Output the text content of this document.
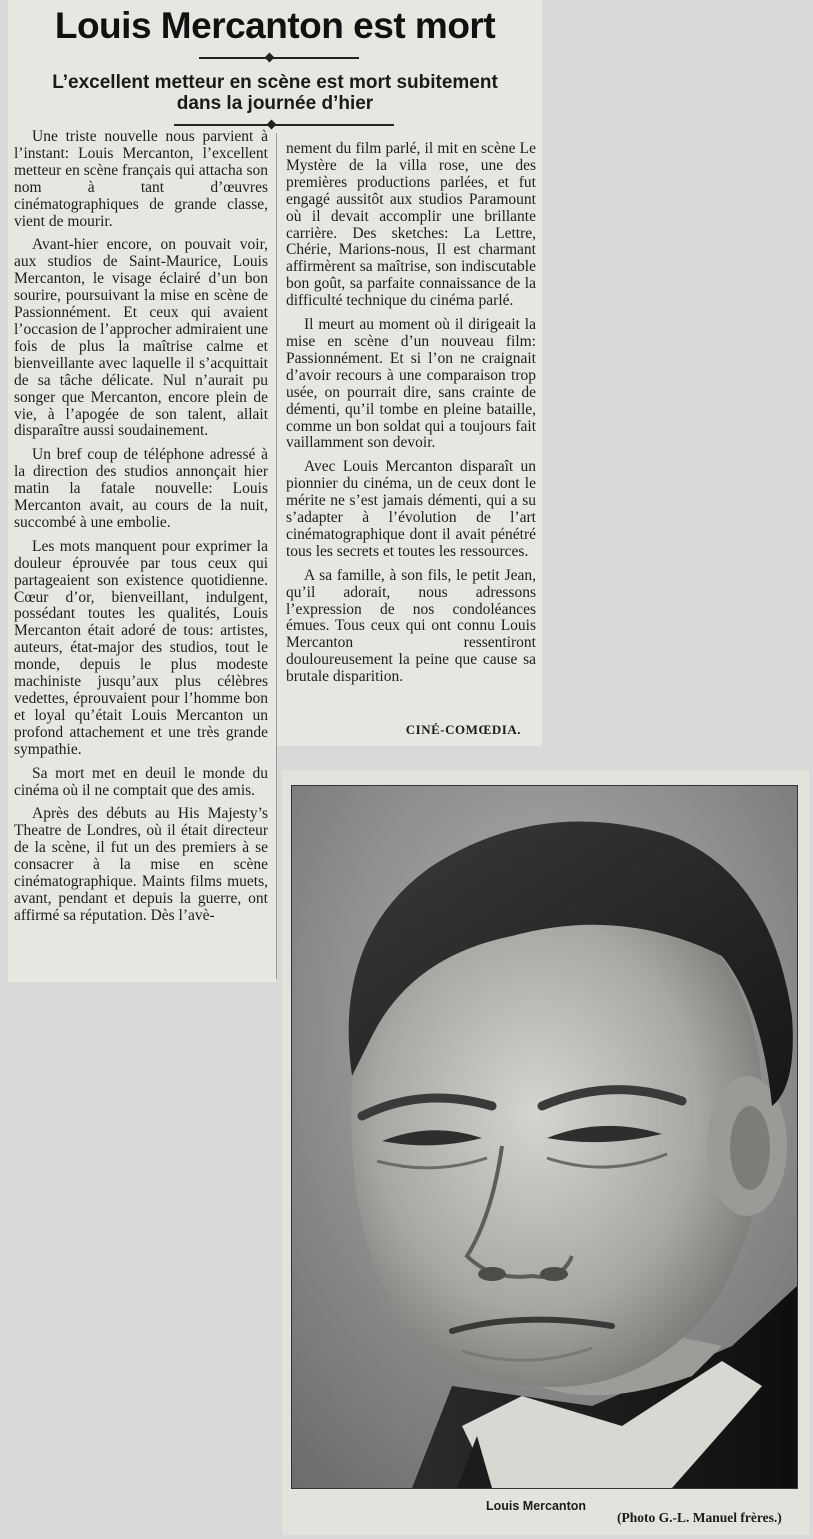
Louis Mercanton est mort
L’excellent metteur en scène est mort subitement
dans la journée d’hier

Une triste nouvelle nous parvient à l’instant: Louis Mercanton, l’excellent metteur en scène français qui attacha son nom à tant d’œuvres cinématographiques de grande classe, vient de mourir.

Avant-hier encore, on pouvait voir, aux studios de Saint-Maurice, Louis Mercanton, le visage éclairé d’un bon sourire, poursuivant la mise en scène de Passionnément. Et ceux qui avaient l’occasion de l’approcher admiraient une fois de plus la maîtrise calme et bienveillante avec laquelle il s’acquittait de sa tâche délicate. Nul n’aurait pu songer que Mercanton, encore plein de vie, à l’apogée de son talent, allait disparaître aussi soudainement.

Un bref coup de téléphone adressé à la direction des studios annonçait hier matin la fatale nouvelle: Louis Mercanton avait, au cours de la nuit, succombé à une embolie.

Les mots manquent pour exprimer la douleur éprouvée par tous ceux qui partageaient son existence quotidienne. Cœur d’or, bienveillant, indulgent, possédant toutes les qualités, Louis Mercanton était adoré de tous: artistes, auteurs, état-major des studios, tout le monde, depuis le plus modeste machiniste jusqu’aux plus célèbres vedettes, éprouvaient pour l’homme bon et loyal qu’était Louis Mercanton un profond attachement et une très grande sympathie.

Sa mort met en deuil le monde du cinéma où il ne comptait que des amis.

Après des débuts au His Majesty’s Theatre de Londres, où il était directeur de la scène, il fut un des premiers à se consacrer à la mise en scène cinématographique. Maints films muets, avant, pendant et depuis la guerre, ont affirmé sa réputation. Dès l’avè-

nement du film parlé, il mit en scène Le Mystère de la villa rose, une des premières productions parlées, et fut engagé aussitôt aux studios Paramount où il devait accomplir une brillante carrière. Des sketches: La Lettre, Chérie, Marions-nous, Il est charmant affirmèrent sa maîtrise, son indiscutable bon goût, sa parfaite connaissance de la difficulté technique du cinéma parlé.

Il meurt au moment où il dirigeait la mise en scène d’un nouveau film: Passionnément. Et si l’on ne craignait d’avoir recours à une comparaison trop usée, on pourrait dire, sans crainte de démenti, qu’il tombe en pleine bataille, comme un bon soldat qui a toujours fait vaillamment son devoir.

Avec Louis Mercanton disparaît un pionnier du cinéma, un de ceux dont le mérite ne s’est jamais démenti, qui a su s’adapter à l’évolution de l’art cinématographique dont il avait pénétré tous les secrets et toutes les ressources.

A sa famille, à son fils, le petit Jean, qu’il adorait, nous adressons l’expression de nos condoléances émues. Tous ceux qui ont connu Louis Mercanton ressentiront douloureusement la peine que cause sa brutale disparition.

CINÉ-COMŒDIA.
Louis Mercanton
(Photo G.-L. Manuel frères.)
